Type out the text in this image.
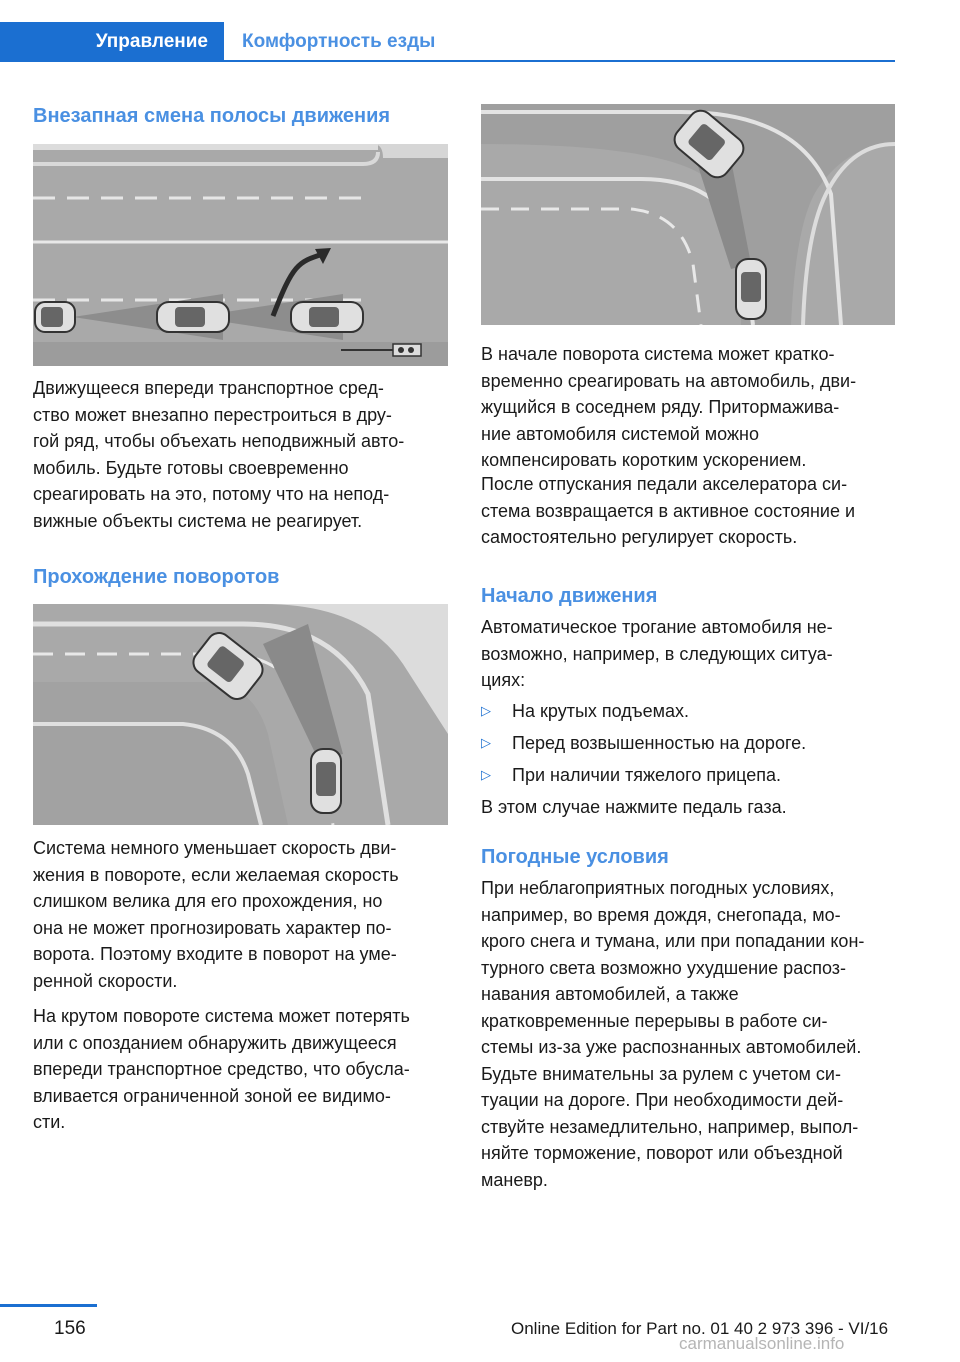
Управление	Комфортность езды
Внезапная смена полосы движения

Движущееся впереди транспортное сред-
ство может внезапно перестроиться в дру-
гой ряд, чтобы объехать неподвижный авто-
мобиль. Будьте готовы своевременно
среагировать на это, потому что на непод-
вижные объекты система не реагирует.

Прохождение поворотов

Система немного уменьшает скорость дви-
жения в повороте, если желаемая скорость
слишком велика для его прохождения, но
она не может прогнозировать характер по-
ворота. Поэтому входите в поворот на уме-
ренной скорости.

На крутом повороте система может потерять
или с опозданием обнаружить движущееся
впереди транспортное средство, что обусла-
вливается ограниченной зоной ее видимо-
сти.

В начале поворота система может кратко-
временно среагировать на автомобиль, дви-
жущийся в соседнем ряду. Притормажива-
ние автомобиля системой можно
компенсировать коротким ускорением.

После отпускания педали акселератора си-
стема возвращается в активное состояние и
самостоятельно регулирует скорость.

Начало движения

Автоматическое трогание автомобиля не-
возможно, например, в следующих ситуа-
циях:

▷ На крутых подъемах.
▷ Перед возвышенностью на дороге.
▷ При наличии тяжелого прицепа.

В этом случае нажмите педаль газа.

Погодные условия

При неблагоприятных погодных условиях,
например, во время дождя, снегопада, мо-
крого снега и тумана, или при попадании кон-
турного света возможно ухудшение распоз-
навания автомобилей, а также
кратковременные перерывы в работе си-
стемы из-за уже распознанных автомобилей.
Будьте внимательны за рулем с учетом си-
туации на дороге. При необходимости дей-
ствуйте незамедлительно, например, выпол-
няйте торможение, поворот или объездной
маневр.

156	Online Edition for Part no. 01 40 2 973 396 - VI/16
carmanualsonline.info
